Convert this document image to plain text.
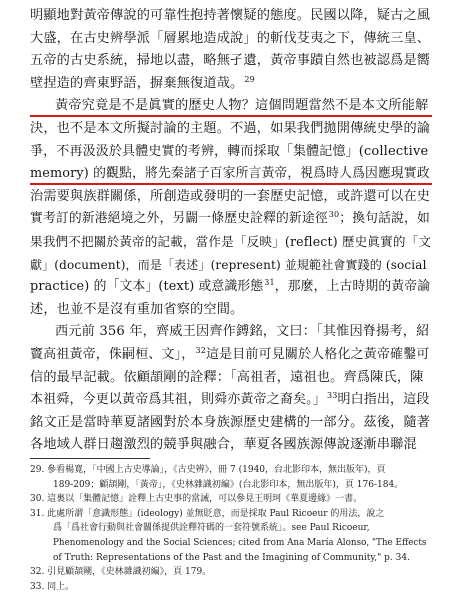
明顯地對黃帝傳說的可靠性抱持著懷疑的態度。民國以降，疑古之風
大盛，在古史辨學派「層累地造成說」的斬伐芟夷之下，傳統三皇、
五帝的古史系統，掃地以盡，略無孑遺，黃帝事蹟自然也被認爲是嚮
壁捏造的齊東野語，摒棄無復道哉。29
黃帝究竟是不是眞實的歷史人物？這個問題當然不是本文所能解
決，也不是本文所擬討論的主題。不過，如果我們拋開傳統史學的論
爭，不再汲汲於具體史實的考辨，轉而採取「集體記憶」(collective
memory) 的觀點，將先秦諸子百家所言黃帝，視爲時人爲因應現實政
治需要與族群關係，所創造或發明的一套歷史記憶，或許還可以在史
實考訂的新港絕境之外，另闢一條歷史詮釋的新途徑30；換句話說，如
果我們不把關於黃帝的記載，當作是「反映」(reflect) 歷史眞實的「文
獻」(document)，而是「表述」(represent) 並規範社會實踐的 (social
practice) 的「文本」(text) 或意識形態31，那麼，上古時期的黃帝論
述，也並不是沒有重加省察的空間。
西元前 356 年，齊威王因齊作鎛銘，文曰：「其惟因脊揚考，紹
竇高祖黃帝，侏嗣桓、文」，32這是目前可見關於人格化之黃帝確鑿可
信的最早記載。依顧頡剛的詮釋：「高祖者，遠祖也。齊爲陳氏，陳
本祖舜，今更以黃帝爲其祖，則舜亦黃帝之裔矣。」33明白指出，這段
銘文正是當時華夏諸國對於本身族源歷史建構的一部分。茲後，隨著
各地域人群日趨激烈的競爭與融合，華夏各國族源傳說逐漸串聯混
29. 參看楊寬，「中國上古史導論」，《古史辨》，冊 7 (1940，台北影印本，無出版年)，頁
189-209；顧頡剛，「黃帝」，《史林雜識初編》(台北影印本，無出版年)，頁 176-184。
30. 這裏以「集體記憶」詮釋上古史事的當誡，可以參見王明珂《華夏邊緣》一書。
31. 此處所謂「意識形態」(ideology) 並無貶意，而是採取 Paul Ricoeur 的用法，說之
爲「爲社會行動與社會關係提供詮釋符碼的一套符號系統」。see Paul Ricoeur,
Phenomenology and the Social Sciences; cited from Ana María Alonso, "The Effects
of Truth: Representations of the Past and the Imagining of Community," p. 34.
32. 引見顧頡剛，《史林雜識初編》，頁 179。
33. 同上。
